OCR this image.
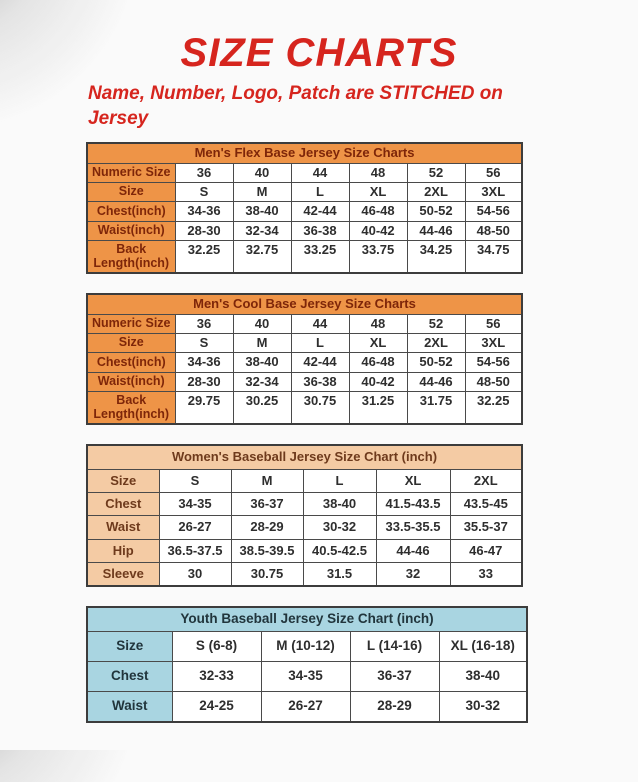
SIZE CHARTS

Name, Number, Logo, Patch are STITCHED on Jersey

Men's Flex Base Jersey Size Charts						
Numeric Size	36	40	44	48	52	56
Size	S	M	L	XL	2XL	3XL
Chest(inch)	34-36	38-40	42-44	46-48	50-52	54-56
Waist(inch)	28-30	32-34	36-38	40-42	44-46	48-50
Back Length(inch)	32.25	32.75	33.25	33.75	34.25	34.75
Men's Cool Base Jersey Size Charts						
Numeric Size	36	40	44	48	52	56
Size	S	M	L	XL	2XL	3XL
Chest(inch)	34-36	38-40	42-44	46-48	50-52	54-56
Waist(inch)	28-30	32-34	36-38	40-42	44-46	48-50
Back Length(inch)	29.75	30.25	30.75	31.25	31.75	32.25
Women's Baseball Jersey Size Chart (inch)					
Size	S	M	L	XL	2XL
Chest	34-35	36-37	38-40	41.5-43.5	43.5-45
Waist	26-27	28-29	30-32	33.5-35.5	35.5-37
Hip	36.5-37.5	38.5-39.5	40.5-42.5	44-46	46-47
Sleeve	30	30.75	31.5	32	33
Youth Baseball Jersey Size Chart (inch)				
Size	S (6-8)	M (10-12)	L (14-16)	XL (16-18)
Chest	32-33	34-35	36-37	38-40
Waist	24-25	26-27	28-29	30-32
